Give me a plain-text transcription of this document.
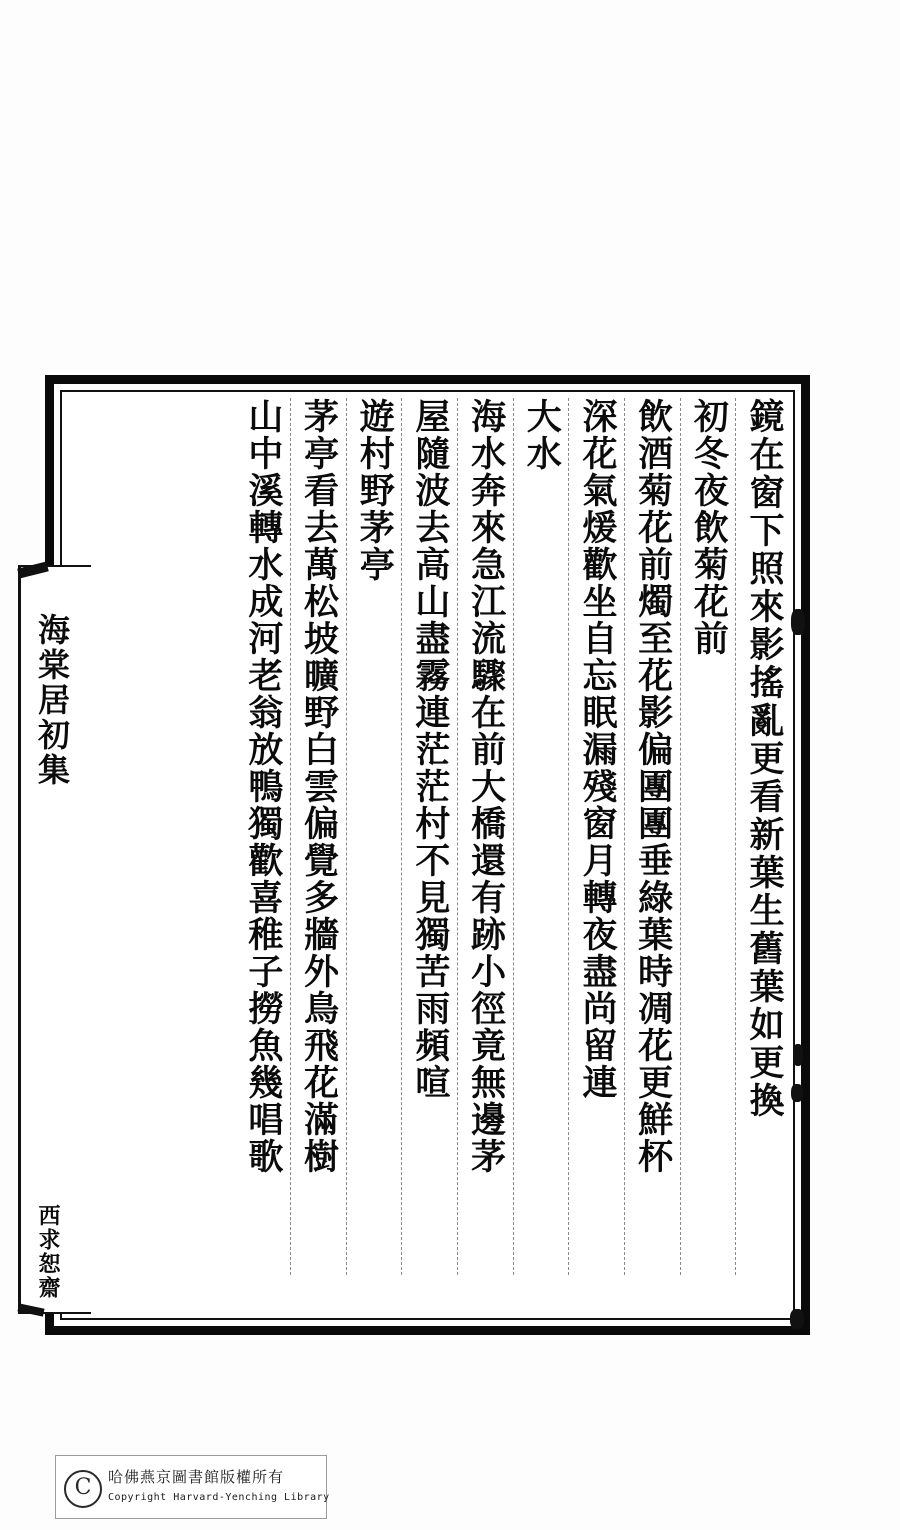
鏡在窗下照來影搖亂更看新葉生舊葉如更換
初冬夜飲菊花前
飲酒菊花前燭至花影偏團團垂綠葉時凋花更鮮杯
深花氣煖歡坐自忘眠漏殘窗月轉夜盡尚留連
大水
海水奔來急江流驟在前大橋還有跡小徑竟無邊茅
屋隨波去高山盡霧連茫茫村不見獨苦雨頻喧
遊村野茅亭
茅亭看去萬松坡曠野白雲偏覺多牆外鳥飛花滿樹
山中溪轉水成河老翁放鴨獨歡喜稚子撈魚幾唱歌
海棠居初集
西求恕齋
C	哈佛燕京圖書館版權所有
Copyright Harvard-Yenching Library
